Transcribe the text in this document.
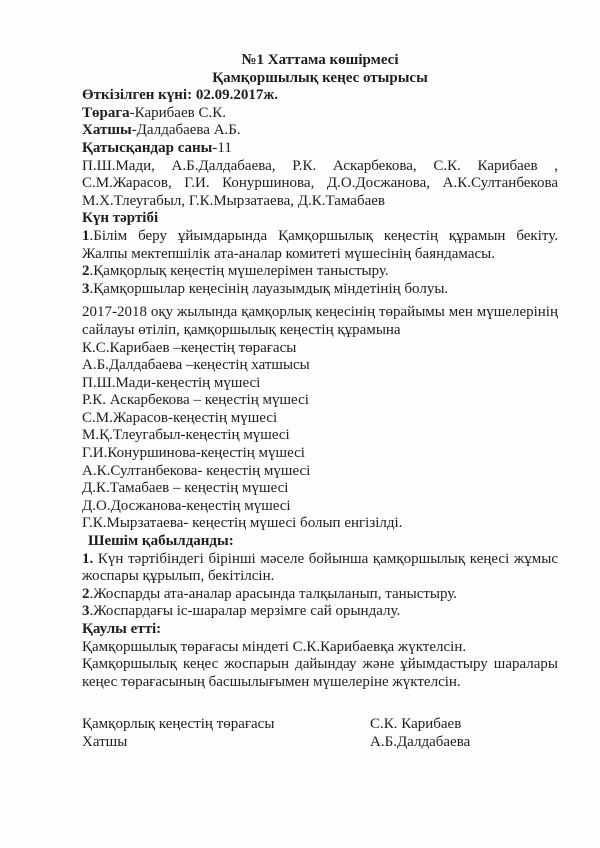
№1 Хаттама көшірмесі
Қамқоршылық кеңес отырысы
Өткізілген күні: 02.09.2017ж.
Төрага-Карибаев С.К.
Хатшы-Далдабаева А.Б.
Қатысқандар саны-11

П.Ш.Мади, А.Б.Далдабаева, Р.К. Аскарбекова, С.К. Карибаев , С.М.Жарасов, Г.И. Конуршинова, Д.О.Досжанова, А.К.Султанбекова М.Х.Тлеугабыл, Г.К.Мырзатаева, Д.К.Тамабаев

Күн тәртібі

1.Білім беру ұйымдарында Қамқоршылық кеңестің құрамын бекіту. Жалпы мектепшілік ата-аналар комитеті мүшесінің баяндамасы.

2.Қамқорлық кеңестің мүшелерімен таныстыру.

3.Қамқоршылар кеңесінің лауазымдық міндетінің болуы.

2017-2018 оқу жылында қамқорлық кеңесінің төрайымы мен мүшелерінің сайлауы өтіліп, қамқоршылық кеңестің құрамына

К.С.Карибаев –кеңестің төрағасы
А.Б.Далдабаева –кеңестің хатшысы
П.Ш.Мади-кеңестің мүшесі
Р.К. Аскарбекова – кеңестің мүшесі
С.М.Жарасов-кеңестің мүшесі
М.Қ.Тлеугабыл-кеңестің мүшесі
Г.И.Конуршинова-кеңестің мүшесі
А.К.Султанбекова- кеңестің мүшесі
Д.К.Тамабаев – кеңестің мүшесі
Д.О.Досжанова-кеңестің мүшесі
Г.К.Мырзатаева- кеңестің мүшесі болып енгізілді.
Шешім қабылданды:

1. Күн тәртібіндегі бірінші мәселе бойынша қамқоршылық кеңесі жұмыс жоспары құрылып, бекітілсін.

2.Жоспарды ата-аналар арасында талқыланып, таныстыру.

3.Жоспардағы іс-шаралар мерзімге сай орындалу.

Қаулы етті:
Қамқоршылық төрағасы міндеті С.К.Карибаевқа жүктелсін.

Қамқоршылық кеңес жоспарын дайындау және ұйымдастыру шаралары кеңес төрағасының басшылығымен мүшелеріне жүктелсін.

Қамқорлық кеңестің төрағасы	С.К. Карибаев
Хатшы	А.Б.Далдабаева
